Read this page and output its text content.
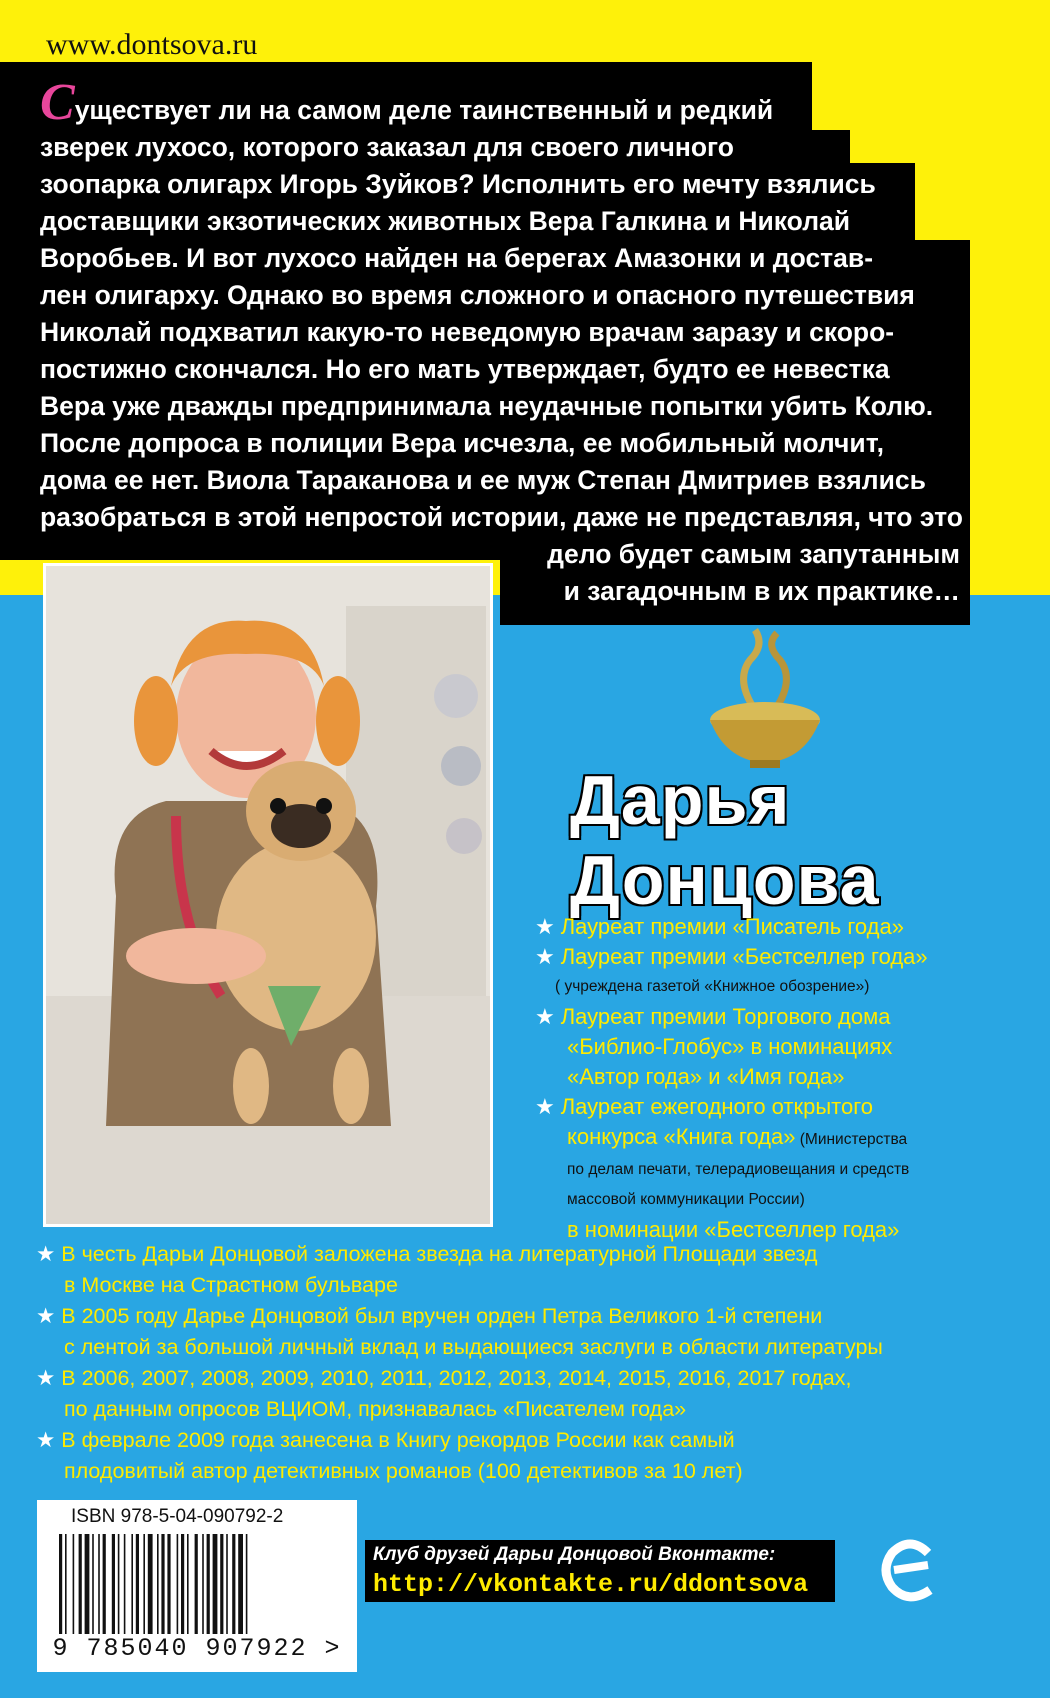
www.dontsova.ru
Существует ли на самом деле таинственный и редкий
зверек лухосо, которого заказал для своего личного
зоопарка олигарх Игорь Зуйков? Исполнить его мечту взялись
доставщики экзотических животных Вера Галкина и Николай
Воробьев. И вот лухосо найден на берегах Амазонки и достав-
лен олигарху. Однако во время сложного и опасного путешествия
Николай подхватил какую-то неведомую врачам заразу и скоро-
постижно скончался. Но его мать утверждает, будто ее невестка
Вера уже дважды предпринимала неудачные попытки убить Колю.
После допроса в полиции Вера исчезла, ее мобильный молчит,
дома ее нет. Виола Таракановa и ее муж Степан Дмитриев взялись
разобраться в этой непростой истории, даже не представляя, что это
дело будет самым запутанным
и загадочным в их практике…
Дарья
Донцова
★ Лауреат премии «Писатель года»
★ Лауреат премии «Бестселлер года»
( учреждена газетой «Книжное обозрение»)
★ Лауреат премии Торгового дома
«Библио-Глобус» в номинациях
«Автор года» и «Имя года»
★ Лауреат ежегодного открытого
конкурса «Книга года» (Министерства
по делам печати, телерадиовещания и средств
массовой коммуникации России)
в номинации «Бестселлер года»
★ В честь Дарьи Донцовой заложена звезда на литературной Площади звезд
в Москве на Страстном бульваре
★ В 2005 году Дарье Донцовой был вручен орден Петра Великого 1-й степени
с лентой за большой личный вклад и выдающиеся заслуги в области литературы
★ В 2006, 2007, 2008, 2009, 2010, 2011, 2012, 2013, 2014, 2015, 2016, 2017 годах,
по данным опросов ВЦИОМ, признавалась «Писателем года»
★ В феврале 2009 года занесена в Книгу рекордов России как самый
плодовитый автор детективных романов (100 детективов за 10 лет)
ISBN 978-5-04-090792-2
9 785040 907922 >
Клуб друзей Дарьи Донцовой Вконтакте:
http://vkontakte.ru/ddontsova
